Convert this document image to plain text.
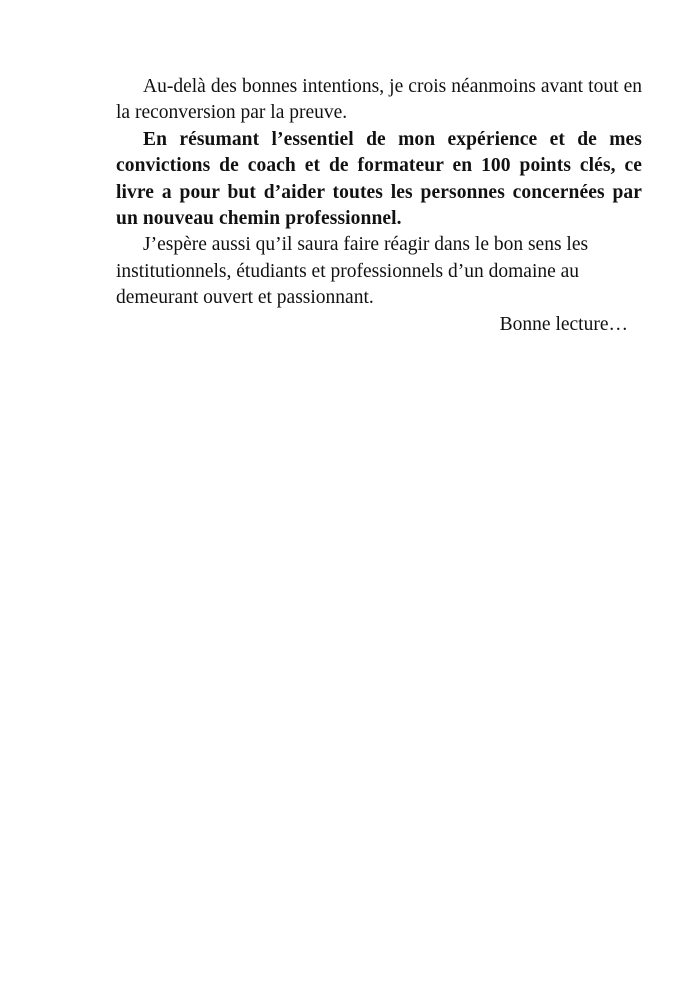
Au-delà des bonnes intentions, je crois néanmoins avant tout en la reconversion par la preuve.

En résumant l’essentiel de mon expérience et de mes convictions de coach et de formateur en 100 points clés, ce livre a pour but d’aider toutes les personnes concernées par un nouveau chemin professionnel.

J’espère aussi qu’il saura faire réagir dans le bon sens les institutionnels, étudiants et professionnels d’un domaine au demeurant ouvert et passionnant.

Bonne lecture…
